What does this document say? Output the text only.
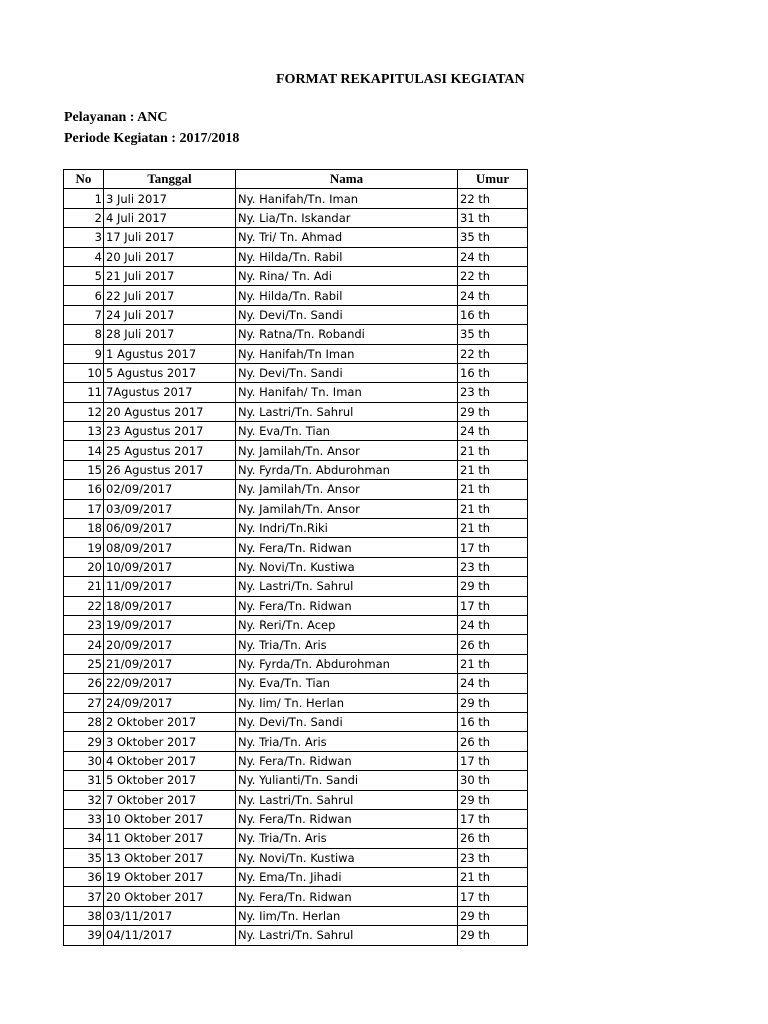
FORMAT REKAPITULASI KEGIATAN
Pelayanan : ANC
Periode Kegiatan : 2017/2018
No	Tanggal	Nama	Umur
1	3 Juli 2017	Ny. Hanifah/Tn. Iman	22 th
2	4 Juli 2017	Ny. Lia/Tn. Iskandar	31 th
3	17 Juli 2017	Ny. Tri/ Tn. Ahmad	35 th
4	20 Juli 2017	Ny. Hilda/Tn. Rabil	24 th
5	21 Juli 2017	Ny. Rina/ Tn. Adi	22 th
6	22 Juli 2017	Ny. Hilda/Tn. Rabil	24 th
7	24 Juli 2017	Ny. Devi/Tn. Sandi	16 th
8	28 Juli 2017	Ny. Ratna/Tn. Robandi	35 th
9	1 Agustus 2017	Ny. Hanifah/Tn Iman	22 th
10	5 Agustus 2017	Ny. Devi/Tn. Sandi	16 th
11	7Agustus 2017	Ny. Hanifah/ Tn. Iman	23 th
12	20 Agustus 2017	Ny. Lastri/Tn. Sahrul	29 th
13	23 Agustus 2017	Ny. Eva/Tn. Tian	24 th
14	25 Agustus 2017	Ny. Jamilah/Tn. Ansor	21 th
15	26 Agustus 2017	Ny. Fyrda/Tn. Abdurohman	21 th
16	02/09/2017	Ny. Jamilah/Tn. Ansor	21 th
17	03/09/2017	Ny. Jamilah/Tn. Ansor	21 th
18	06/09/2017	Ny. Indri/Tn.Riki	21 th
19	08/09/2017	Ny. Fera/Tn. Ridwan	17 th
20	10/09/2017	Ny. Novi/Tn. Kustiwa	23 th
21	11/09/2017	Ny. Lastri/Tn. Sahrul	29 th
22	18/09/2017	Ny. Fera/Tn. Ridwan	17 th
23	19/09/2017	Ny. Reri/Tn. Acep	24 th
24	20/09/2017	Ny. Tria/Tn. Aris	26 th
25	21/09/2017	Ny. Fyrda/Tn. Abdurohman	21 th
26	22/09/2017	Ny. Eva/Tn. Tian	24 th
27	24/09/2017	Ny. Iim/ Tn. Herlan	29 th
28	2 Oktober 2017	Ny. Devi/Tn. Sandi	16 th
29	3 Oktober 2017	Ny. Tria/Tn. Aris	26 th
30	4 Oktober 2017	Ny. Fera/Tn. Ridwan	17 th
31	5 Oktober 2017	Ny. Yulianti/Tn. Sandi	30 th
32	7 Oktober 2017	Ny. Lastri/Tn. Sahrul	29 th
33	10 Oktober 2017	Ny. Fera/Tn. Ridwan	17 th
34	11 Oktober 2017	Ny. Tria/Tn. Aris	26 th
35	13 Oktober 2017	Ny. Novi/Tn. Kustiwa	23 th
36	19 Oktober 2017	Ny. Ema/Tn. Jihadi	21 th
37	20 Oktober 2017	Ny. Fera/Tn. Ridwan	17 th
38	03/11/2017	Ny. Iim/Tn. Herlan	29 th
39	04/11/2017	Ny. Lastri/Tn. Sahrul	29 th
